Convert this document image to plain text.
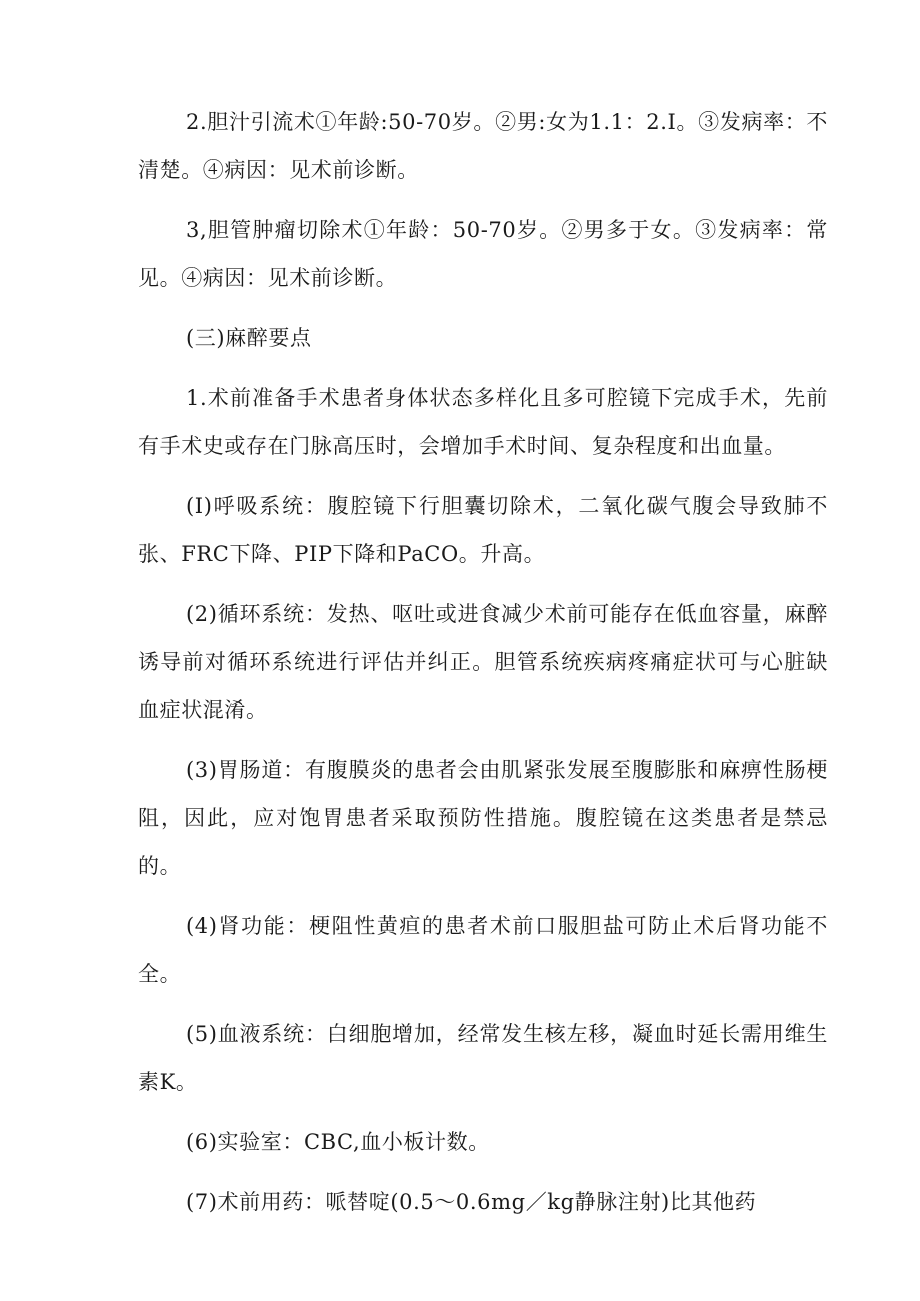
2.胆汁引流术①年龄:50-70岁。②男:女为1.1：2.I。③发病率：不清楚。④病因：见术前诊断。

3,胆管肿瘤切除术①年龄：50-70岁。②男多于女。③发病率：常见。④病因：见术前诊断。

(三)麻醉要点

1.术前准备手术患者身体状态多样化且多可腔镜下完成手术，先前有手术史或存在门脉高压时，会增加手术时间、复杂程度和出血量。

(I)呼吸系统：腹腔镜下行胆囊切除术，二氧化碳气腹会导致肺不张、FRC下降、PIP下降和PaCO。升高。

(2)循环系统：发热、呕吐或进食减少术前可能存在低血容量，麻醉诱导前对循环系统进行评估并纠正。胆管系统疾病疼痛症状可与心脏缺血症状混淆。

(3)胃肠道：有腹膜炎的患者会由肌紧张发展至腹膨胀和麻痹性肠梗阻，因此，应对饱胃患者采取预防性措施。腹腔镜在这类患者是禁忌的。

(4)肾功能：梗阻性黄疸的患者术前口服胆盐可防止术后肾功能不全。

(5)血液系统：白细胞增加，经常发生核左移，凝血时延长需用维生素K。

(6)实验室：CBC,血小板计数。

(7)术前用药：哌替啶(0.5～0.6mg／kg静脉注射)比其他药
